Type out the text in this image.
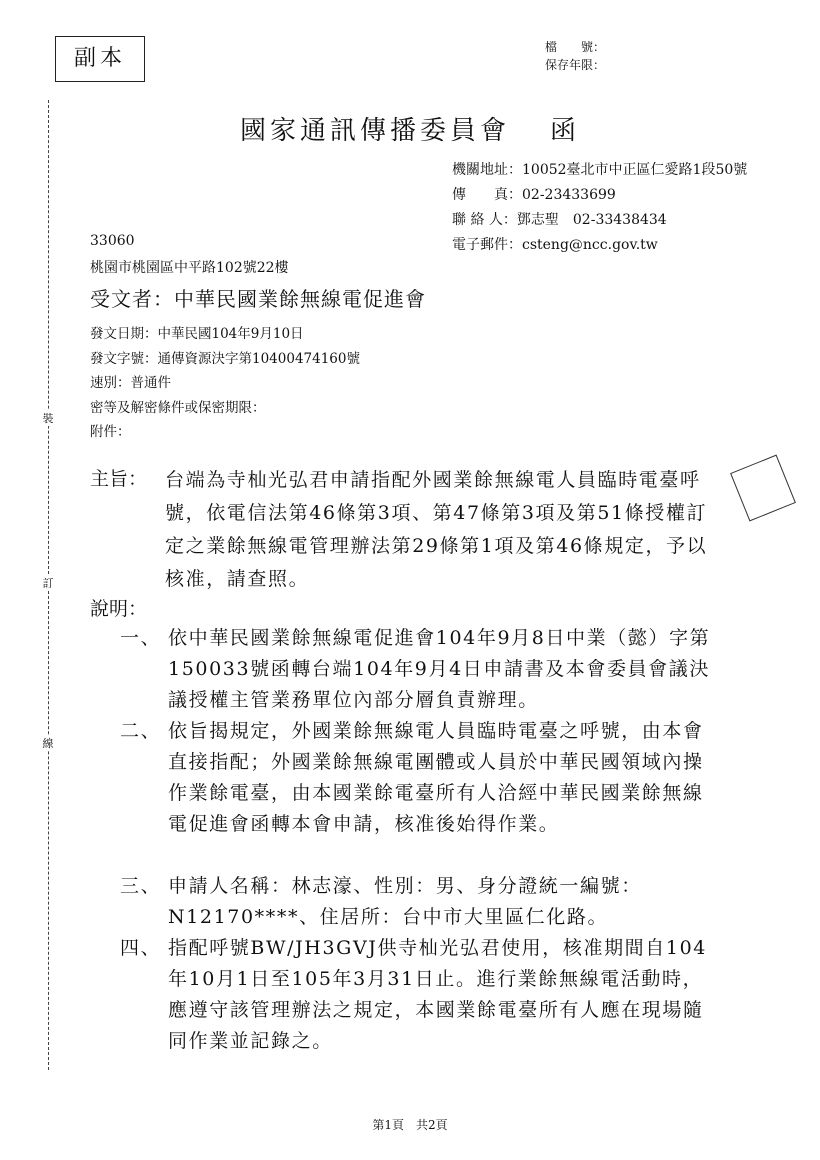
副本	檔　　號：
保存年限：
國家通訊傳播委員會 函
機關地址：10052臺北市中正區仁愛路1段50號
傳　　真：02-23433699
聯 絡 人：鄧志聖　02-33438434
電子郵件：csteng@ncc.gov.tw
33060
桃園市桃園區中平路102號22樓
受文者：中華民國業餘無線電促進會
發文日期：中華民國104年9月10日
發文字號：通傳資源決字第10400474160號
速別：普通件
密等及解密條件或保密期限：
附件：
主旨： 台端為寺杣光弘君申請指配外國業餘無線電人員臨時電臺呼號，依電信法第46條第3項、第47條第3項及第51條授權訂定之業餘無線電管理辦法第29條第1項及第46條規定，予以核准，請查照。

說明：
一、 依中華民國業餘無線電促進會104年9月8日中業（懿）字第150033號函轉台端104年9月4日申請書及本會委員會議決議授權主管業務單位內部分層負責辦理。
二、 依旨揭規定，外國業餘無線電人員臨時電臺之呼號，由本會直接指配；外國業餘無線電團體或人員於中華民國領域內操作業餘電臺，由本國業餘電臺所有人洽經中華民國業餘無線電促進會函轉本會申請，核准後始得作業。
三、 申請人名稱：林志濠、性別：男、身分證統一編號：N12170****、住居所：台中市大里區仁化路。
四、 指配呼號BW/JH3GVJ供寺杣光弘君使用，核准期間自104年10月1日至105年3月31日止。進行業餘無線電活動時，應遵守該管理辦法之規定，本國業餘電臺所有人應在現場隨同作業並記錄之。
裝
訂
線
第1頁　共2頁
